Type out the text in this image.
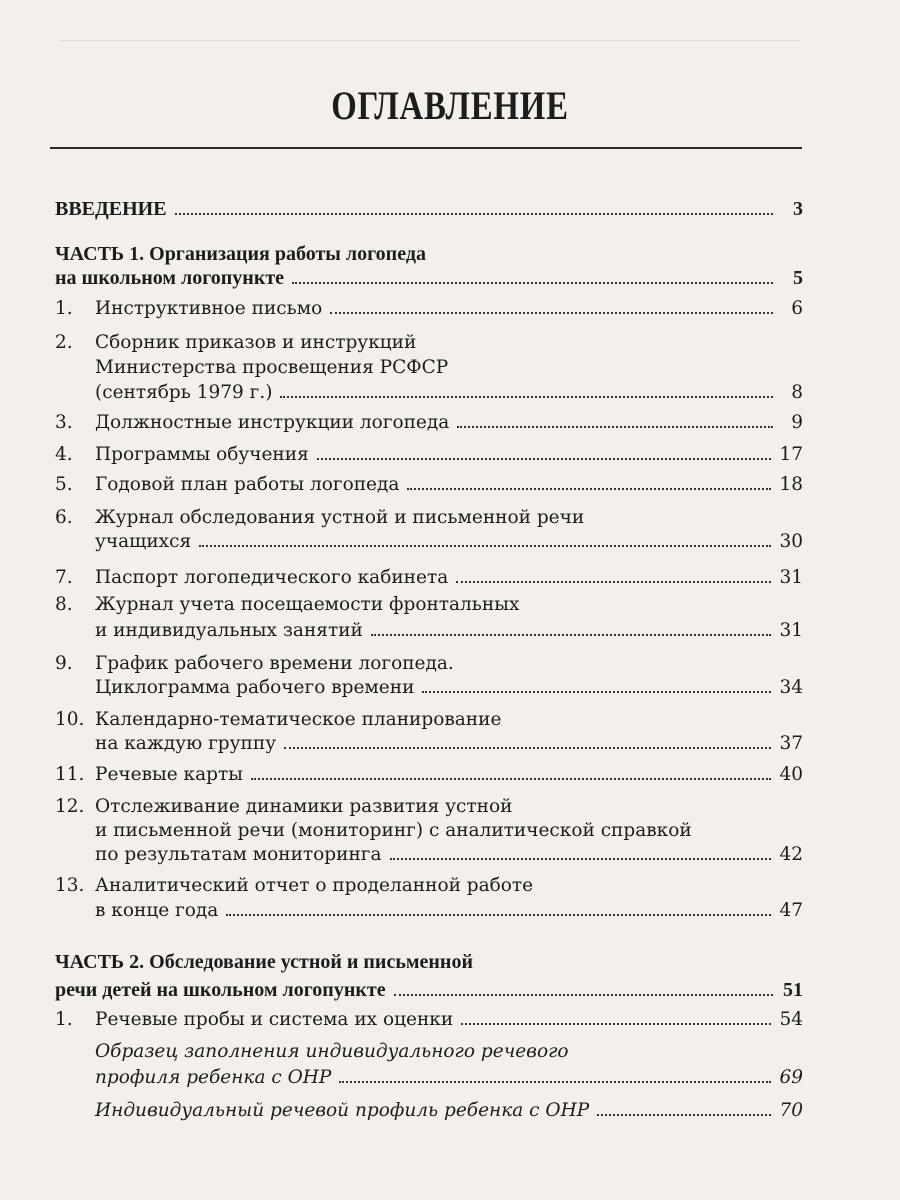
ОГЛАВЛЕНИЕ
ВВЕДЕНИЕ	3
ЧАСТЬ 1. Организация работы логопеда
на школьном логопункте	5
1.	Инструктивное письмо	6
2.	Сборник приказов и инструкций
Министерства просвещения РСФСР
(сентябрь 1979 г.)	8
3.	Должностные инструкции логопеда	9
4.	Программы обучения	17
5.	Годовой план работы логопеда	18
6.	Журнал обследования устной и письменной речи
учащихся	30
7.	Паспорт логопедического кабинета	31
8.	Журнал учета посещаемости фронтальных
и индивидуальных занятий	31
9.	График рабочего времени логопеда.
Циклограмма рабочего времени	34
10. Календарно-тематическое планирование
на каждую группу	37
11. Речевые карты	40
12. Отслеживание динамики развития устной
и письменной речи (мониторинг) с аналитической справкой
по результатам мониторинга	42
13. Аналитический отчет о проделанной работе
в конце года	47
ЧАСТЬ 2. Обследование устной и письменной
речи детей на школьном логопункте	51
1.	Речевые пробы и система их оценки	54
Образец заполнения индивидуального речевого
профиля ребенка с ОНР	69
Индивидуальный речевой профиль ребенка с ОНР	70
